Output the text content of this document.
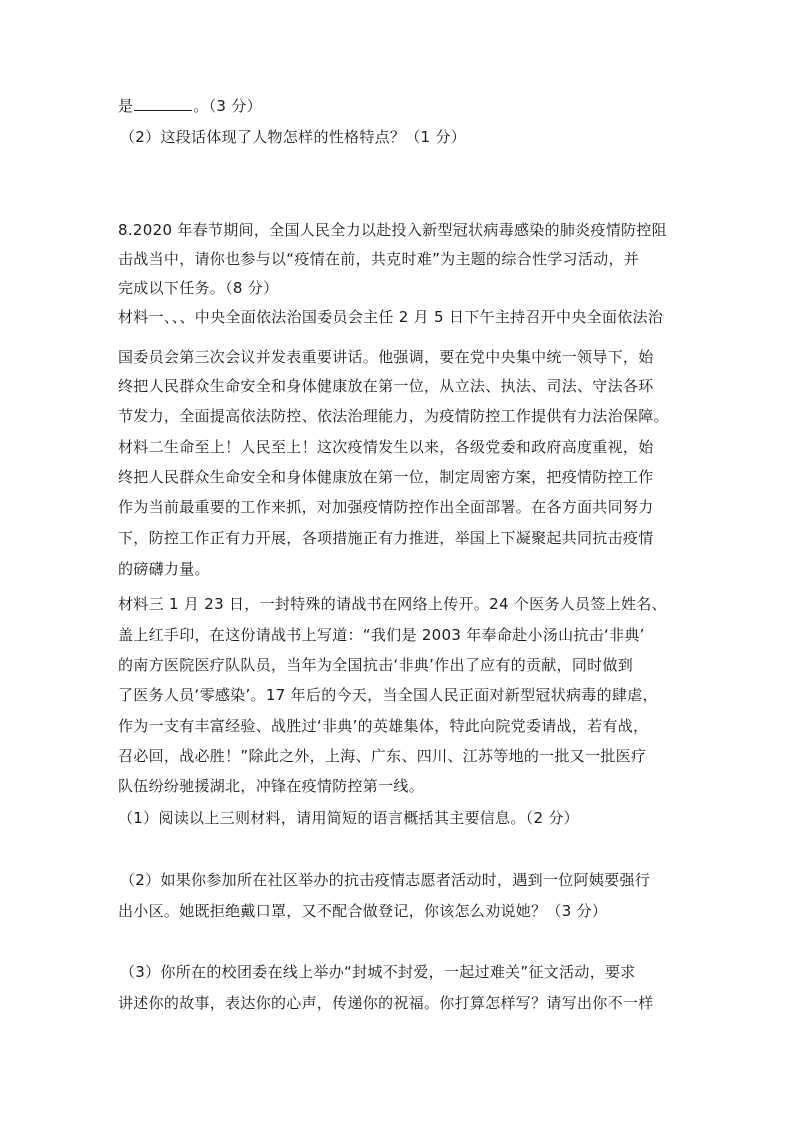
是	。（3 分）
（2）这段话体现了人物怎样的性格特点？（1 分）
8.2020 年春节期间，全国人民全力以赴投入新型冠状病毒感染的肺炎疫情防控阻
击战当中，请你也参与以“疫情在前，共克时难”为主题的综合性学习活动，并
完成以下任务。（8 分）
材料一、、、中央全面依法治国委员会主任 2 月 5 日下午主持召开中央全面依法治
国委员会第三次会议并发表重要讲话。他强调，要在党中央集中统一领导下，始
终把人民群众生命安全和身体健康放在第一位，从立法、执法、司法、守法各环
节发力，全面提高依法防控、依法治理能力，为疫情防控工作提供有力法治保障。
材料二生命至上！人民至上！这次疫情发生以来，各级党委和政府高度重视，始
终把人民群众生命安全和身体健康放在第一位，制定周密方案，把疫情防控工作
作为当前最重要的工作来抓，对加强疫情防控作出全面部署。在各方面共同努力
下，防控工作正有力开展，各项措施正有力推进，举国上下凝聚起共同抗击疫情
的磅礴力量。
材料三 1 月 23 日，一封特殊的请战书在网络上传开。24 个医务人员签上姓名、
盖上红手印，在这份请战书上写道：“我们是 2003 年奉命赴小汤山抗击‘非典’
的南方医院医疗队队员，当年为全国抗击‘非典’作出了应有的贡献，同时做到
了医务人员‘零感染’。17 年后的今天，当全国人民正面对新型冠状病毒的肆虐，
作为一支有丰富经验、战胜过‘非典’的英雄集体，特此向院党委请战，若有战，
召必回，战必胜！”除此之外，上海、广东、四川、江苏等地的一批又一批医疗
队伍纷纷驰援湖北，冲锋在疫情防控第一线。
（1）阅读以上三则材料，请用简短的语言概括其主要信息。（2 分）
（2）如果你参加所在社区举办的抗击疫情志愿者活动时，遇到一位阿姨要强行
出小区。她既拒绝戴口罩，又不配合做登记，你该怎么劝说她？（3 分）
（3）你所在的校团委在线上举办“封城不封爱，一起过难关”征文活动，要求
讲述你的故事，表达你的心声，传递你的祝福。你打算怎样写？请写出你不一样
